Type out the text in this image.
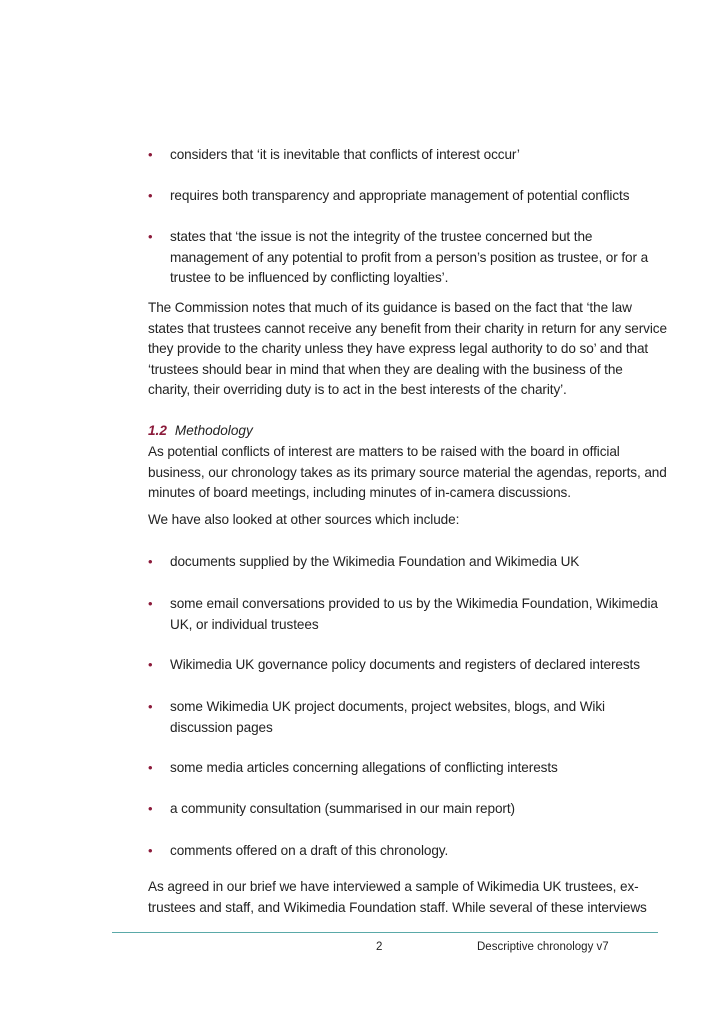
• considers that ‘it is inevitable that conflicts of interest occur’
• requires both transparency and appropriate management of potential conflicts
• states that ‘the issue is not the integrity of the trustee concerned but the management of any potential to profit from a person’s position as trustee, or for a trustee to be influenced by conflicting loyalties’.
The Commission notes that much of its guidance is based on the fact that ‘the law states that trustees cannot receive any benefit from their charity in return for any service they provide to the charity unless they have express legal authority to do so’ and that ‘trustees should bear in mind that when they are dealing with the business of the charity, their overriding duty is to act in the best interests of the charity’.
1.2 Methodology
As potential conflicts of interest are matters to be raised with the board in official business, our chronology takes as its primary source material the agendas, reports, and minutes of board meetings, including minutes of in-camera discussions.
We have also looked at other sources which include:
• documents supplied by the Wikimedia Foundation and Wikimedia UK
• some email conversations provided to us by the Wikimedia Foundation, Wikimedia UK, or individual trustees
• Wikimedia UK governance policy documents and registers of declared interests
• some Wikimedia UK project documents, project websites, blogs, and Wiki discussion pages
• some media articles concerning allegations of conflicting interests
• a community consultation (summarised in our main report)
• comments offered on a draft of this chronology.
As agreed in our brief we have interviewed a sample of Wikimedia UK trustees, ex-trustees and staff, and Wikimedia Foundation staff. While several of these interviews
2	Descriptive chronology v7
